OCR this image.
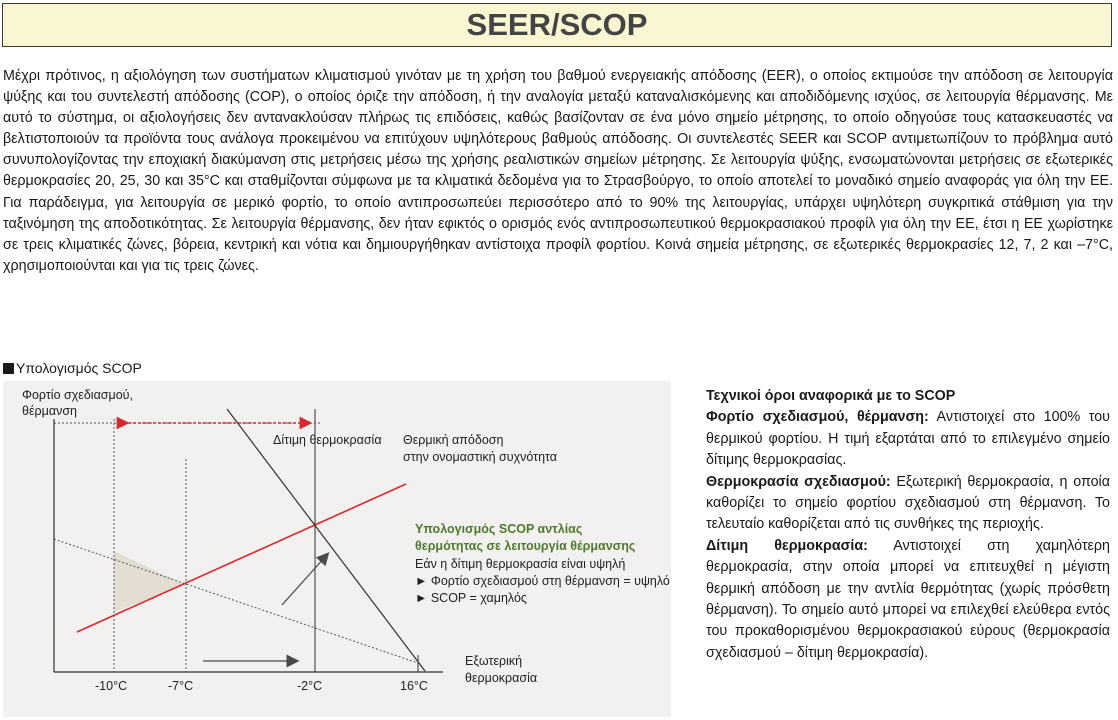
SEER/SCOP

Μέχρι πρότινος, η αξιολόγηση των συστήματων κλιματισμού γινόταν με τη χρήση του βαθμού ενεργειακής απόδοσης (EER), ο οποίος εκτιμούσε την απόδοση σε λειτουργία ψύξης και του συντελεστή απόδοσης (COP), ο οποίος όριζε την απόδοση, ή την αναλογία μεταξύ καταναλισκόμενης και αποδιδόμενης ισχύος, σε λειτουργία θέρμανσης. Με αυτό το σύστημα, οι αξιολογήσεις δεν αντανακλούσαν πλήρως τις επιδόσεις, καθώς βασίζονταν σε ένα μόνο σημείο μέτρησης, το οποίο οδηγούσε τους κατασκευαστές να βελτιστοποιούν τα προϊόντα τους ανάλογα προκειμένου να επιτύχουν υψηλότερους βαθμούς απόδοσης. Οι συντελεστές SEER και SCOP αντιμετωπίζουν το πρόβλημα αυτό συνυπολογίζοντας την εποχιακή διακύμανση στις μετρήσεις μέσω της χρήσης ρεαλιστικών σημείων μέτρησης. Σε λειτουργία ψύξης, ενσωματώνονται μετρήσεις σε εξωτερικές θερμοκρασίες 20, 25, 30 και 35°C και σταθμίζονται σύμφωνα με τα κλιματικά δεδομένα για το Στρασβούργο, το οποίο αποτελεί το μοναδικό σημείο αναφοράς για όλη την ΕΕ. Για παράδειγμα, για λειτουργία σε μερικό φορτίο, το οποίο αντιπροσωπεύει περισσότερο από το 90% της λειτουργίας, υπάρχει υψηλότερη συγκριτικά στάθμιση για την ταξινόμηση της αποδοτικότητας. Σε λειτουργία θέρμανσης, δεν ήταν εφικτός ο ορισμός ενός αντιπροσωπευτικού θερμοκρασιακού προφίλ για όλη την ΕΕ, έτσι η ΕΕ χωρίστηκε σε τρεις κλιματικές ζώνες, βόρεια, κεντρική και νότια και δημιουργήθηκαν αντίστοιχα προφίλ φορτίου. Κοινά σημεία μέτρησης, σε εξωτερικές θερμοκρασίες 12, 7, 2 και –7°C, χρησιμοποιούνται και για τις τρεις ζώνες.

Υπολογισμός SCOP
Φορτίο σχεδιασμού,
θέρμανση
Δίτιμη θερμοκρασία Θερμική απόδοση
στην ονομαστική συχνότητα
Υπολογισμός SCOP αντλίας
θερμότητας σε λειτουργία θέρμανσης
Εάν η δίτιμη θερμοκρασία είναι υψηλή
► Φορτίο σχεδιασμού στη θέρμανση = υψηλό
► SCOP = χαμηλός
Εξωτερική
θερμοκρασία
-10°C	-7°C	-2°C	16°C

Τεχνικοί όροι αναφορικά με το SCOP

Φορτίο σχεδιασμού, θέρμανση: Αντιστοιχεί στο 100% του θερμικού φορτίου. Η τιμή εξαρτάται από το επιλεγμένο σημείο δίτιμης θερμοκρασίας.

Θερμοκρασία σχεδιασμού: Εξωτερική θερμοκρασία, η οποία καθορίζει το σημείο φορτίου σχεδιασμού στη θέρμανση. Το τελευταίο καθορίζεται από τις συνθήκες της περιοχής.

Δίτιμη θερμοκρασία: Αντιστοιχεί στη χαμηλότερη θερμοκρασία, στην οποία μπορεί να επιτευχθεί η μέγιστη θερμική απόδοση με την αντλία θερμότητας (χωρίς πρόσθετη θέρμανση). Το σημείο αυτό μπορεί να επιλεχθεί ελεύθερα εντός του προκαθορισμένου θερμοκρασιακού εύρους (θερμοκρασία σχεδιασμού – δίτιμη θερμοκρασία).
